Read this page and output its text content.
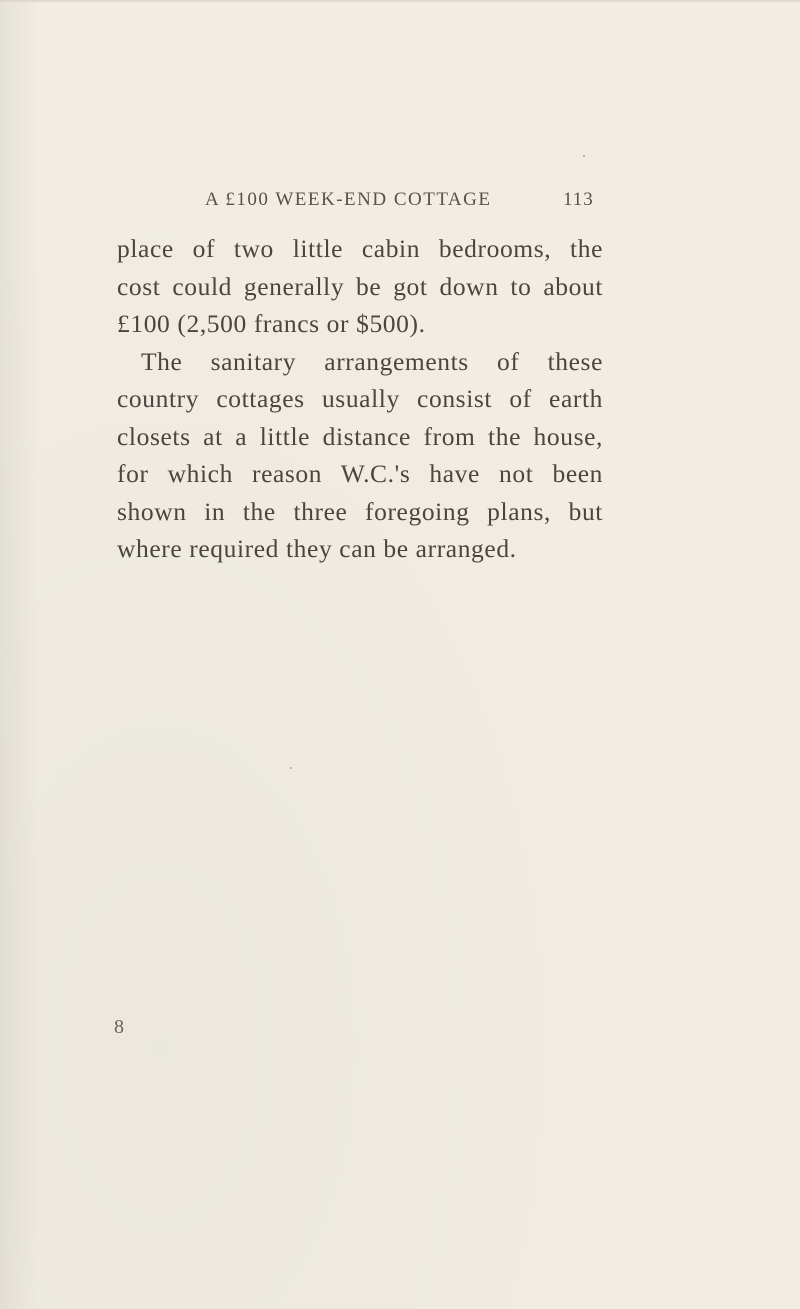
A £100 WEEK-END COTTAGE	113
place of two little cabin bedrooms, the
cost could generally be got down to about
£100 (2,500 francs or $500).
The sanitary arrangements of these
country cottages usually consist of earth
closets at a little distance from the house,
for which reason W.C.'s have not been
shown in the three foregoing plans, but
where required they can be arranged.
8
